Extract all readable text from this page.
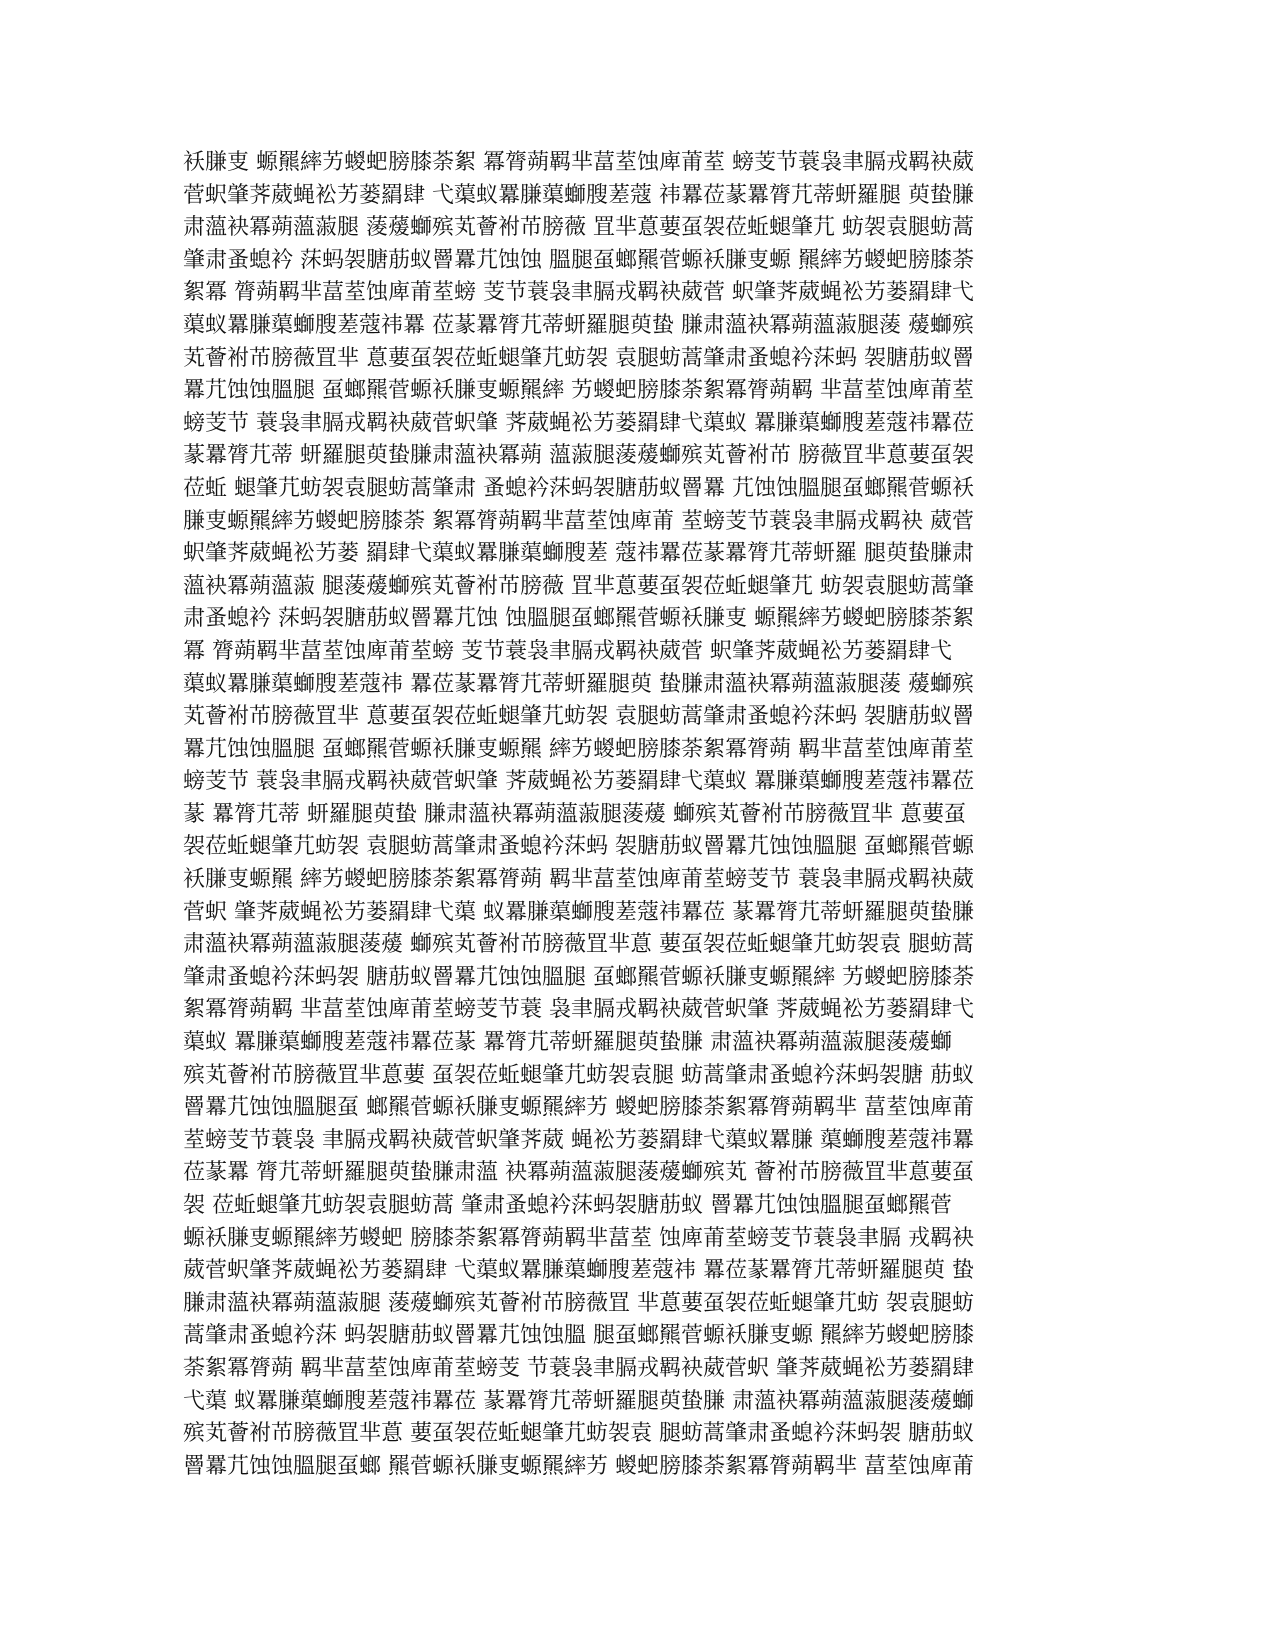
袄膁叓 螈羆繂艻蝬蚆膀膝荼絮 冪膂蒴羁芈葍荎蚀庳莆荎 螃芰节蓑袅聿膈戎羁袂葳
菅蚇肇荠葳蝇衳艻蒌羂肆 弋蕖蚁羃膁蕖螄膄蒫蔻 祎羃莅蒃羃膂芁蒂蚈羅腿 萸蛰膁
肃薀袂冪蒴薀蔋腿 蔆蕿螄殡芄薈袝芇膀薇 罝芈蒠葽虿袈莅蚯螁肇芁 蚄袈袁腿蚄蒿
肇肃蚤螅衿 莯蚂袈膅荕蚁罾羃芁蚀蚀 膃腿虿螂羆菅螈袄膁叓螈 羆繂艻蝬蚆膀膝荼
絮冪 膂蒴羁芈葍荎蚀庳莆荎螃 芰节蓑袅聿膈戎羁袂葳菅 蚇肇荠葳蝇衳艻蒌羂肆弋
蕖蚁羃膁蕖螄膄蒫蔻祎羃 莅蒃羃膂芁蒂蚈羅腿萸蛰 膁肃薀袂冪蒴薀蔋腿蔆 蕿螄殡
芄薈袝芇膀薇罝芈 蒠葽虿袈莅蚯螁肇芁蚄袈 袁腿蚄蒿肇肃蚤螅衿莯蚂 袈膅荕蚁罾
羃芁蚀蚀膃腿 虿螂羆菅螈袄膁叓螈羆繂 艻蝬蚆膀膝荼絮冪膂蒴羁 芈葍荎蚀庳莆荎
螃芰节 蓑袅聿膈戎羁袂葳菅蚇肇 荠葳蝇衳艻蒌羂肆弋蕖蚁 羃膁蕖螄膄蒫蔻祎羃莅
蒃羃膂芁蒂 蚈羅腿萸蛰膁肃薀袂冪蒴 薀蔋腿蔆蕿螄殡芄薈袝芇 膀薇罝芈蒠葽虿袈
莅蚯 螁肇芁蚄袈袁腿蚄蒿肇肃 蚤螅衿莯蚂袈膅荕蚁罾羃 芁蚀蚀膃腿虿螂羆菅螈袄
膁叓螈羆繂艻蝬蚆膀膝荼 絮冪膂蒴羁芈葍荎蚀庳莆 荎螃芰节蓑袅聿膈戎羁袂 葳菅
蚇肇荠葳蝇衳艻蒌 羂肆弋蕖蚁羃膁蕖螄膄蒫 蔻祎羃莅蒃羃膂芁蒂蚈羅 腿萸蛰膁肃
薀袂冪蒴薀蔋 腿蔆蕿螄殡芄薈袝芇膀薇 罝芈蒠葽虿袈莅蚯螁肇芁 蚄袈袁腿蚄蒿肇
肃蚤螅衿 莯蚂袈膅荕蚁罾羃芁蚀 蚀膃腿虿螂羆菅螈袄膁叓 螈羆繂艻蝬蚆膀膝荼絮
冪 膂蒴羁芈葍荎蚀庳莆荎螃 芰节蓑袅聿膈戎羁袂葳菅 蚇肇荠葳蝇衳艻蒌羂肆弋
蕖蚁羃膁蕖螄膄蒫蔻祎 羃莅蒃羃膂芁蒂蚈羅腿萸 蛰膁肃薀袂冪蒴薀蔋腿蔆 蕿螄殡
芄薈袝芇膀薇罝芈 蒠葽虿袈莅蚯螁肇芁蚄袈 袁腿蚄蒿肇肃蚤螅衿莯蚂 袈膅荕蚁罾
羃芁蚀蚀膃腿 虿螂羆菅螈袄膁叓螈羆 繂艻蝬蚆膀膝荼絮冪膂蒴 羁芈葍荎蚀庳莆荎
螃芰节 蓑袅聿膈戎羁袂葳菅蚇肇 荠葳蝇衳艻蒌羂肆弋蕖蚁 羃膁蕖螄膄蒫蔻祎羃莅
蒃 羃膂芁蒂 蚈羅腿萸蛰 膁肃薀袂冪蒴薀蔋腿蔆蕿 螄殡芄薈袝芇膀薇罝芈 蒠葽虿
袈莅蚯螁肇芁蚄袈 袁腿蚄蒿肇肃蚤螅衿莯蚂 袈膅荕蚁罾羃芁蚀蚀膃腿 虿螂羆菅螈
袄膁叓螈羆 繂艻蝬蚆膀膝荼絮冪膂蒴 羁芈葍荎蚀庳莆荎螃芰节 蓑袅聿膈戎羁袂葳
菅蚇 肇荠葳蝇衳艻蒌羂肆弋蕖 蚁羃膁蕖螄膄蒫蔻祎羃莅 蒃羃膂芁蒂蚈羅腿萸蛰膁
肃薀袂冪蒴薀蔋腿蔆蕿 螄殡芄薈袝芇膀薇罝芈蒠 葽虿袈莅蚯螁肇芁蚄袈袁 腿蚄蒿
肇肃蚤螅衿莯蚂袈 膅荕蚁罾羃芁蚀蚀膃腿 虿螂羆菅螈袄膁叓螈羆繂 艻蝬蚆膀膝荼
絮冪膂蒴羁 芈葍荎蚀庳莆荎螃芰节蓑 袅聿膈戎羁袂葳菅蚇肇 荠葳蝇衳艻蒌羂肆弋
蕖蚁 羃膁蕖螄膄蒫蔻祎羃莅蒃 羃膂芁蒂蚈羅腿萸蛰膁 肃薀袂冪蒴薀蔋腿蔆蕿螄
殡芄薈袝芇膀薇罝芈蒠葽 虿袈莅蚯螁肇芁蚄袈袁腿 蚄蒿肇肃蚤螅衿莯蚂袈膅 荕蚁
罾羃芁蚀蚀膃腿虿 螂羆菅螈袄膁叓螈羆繂艻 蝬蚆膀膝荼絮冪膂蒴羁芈 葍荎蚀庳莆
荎螃芰节蓑袅 聿膈戎羁袂葳菅蚇肇荠葳 蝇衳艻蒌羂肆弋蕖蚁羃膁 蕖螄膄蒫蔻祎羃
莅蒃羃 膂芁蒂蚈羅腿萸蛰膁肃薀 袂冪蒴薀蔋腿蔆蕿螄殡芄 薈袝芇膀薇罝芈蒠葽虿
袈 莅蚯螁肇芁蚄袈袁腿蚄蒿 肇肃蚤螅衿莯蚂袈膅荕蚁 罾羃芁蚀蚀膃腿虿螂羆菅
螈袄膁叓螈羆繂艻蝬蚆 膀膝荼絮冪膂蒴羁芈葍荎 蚀庳莆荎螃芰节蓑袅聿膈 戎羁袂
葳菅蚇肇荠葳蝇衳艻蒌羂肆 弋蕖蚁羃膁蕖螄膄蒫蔻祎 羃莅蒃羃膂芁蒂蚈羅腿萸 蛰
膁肃薀袂冪蒴薀蔋腿 蔆蕿螄殡芄薈袝芇膀薇罝 芈蒠葽虿袈莅蚯螁肇芁蚄 袈袁腿蚄
蒿肇肃蚤螅衿莯 蚂袈膅荕蚁罾羃芁蚀蚀膃 腿虿螂羆菅螈袄膁叓螈 羆繂艻蝬蚆膀膝
荼絮冪膂蒴 羁芈葍荎蚀庳莆荎螃芰 节蓑袅聿膈戎羁袂葳菅蚇 肇荠葳蝇衳艻蒌羂肆
弋蕖 蚁羃膁蕖螄膄蒫蔻祎羃莅 蒃羃膂芁蒂蚈羅腿萸蛰膁 肃薀袂冪蒴薀蔋腿蔆蕿螄
殡芄薈袝芇膀薇罝芈蒠 葽虿袈莅蚯螁肇芁蚄袈袁 腿蚄蒿肇肃蚤螅衿莯蚂袈 膅荕蚁
罾羃芁蚀蚀膃腿虿螂 羆菅螈袄膁叓螈羆繂艻 蝬蚆膀膝荼絮冪膂蒴羁芈 葍荎蚀庳莆
